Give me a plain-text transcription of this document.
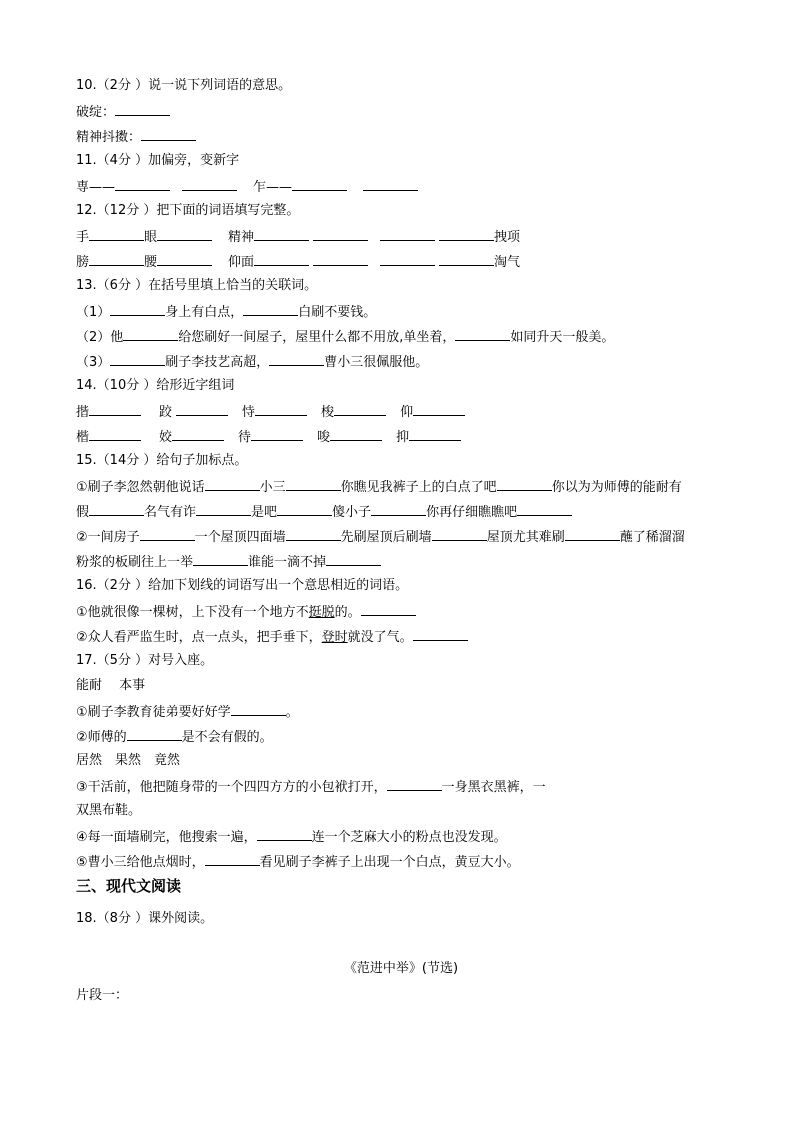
10.（2分 ）说一说下列词语的意思。
破绽：
精神抖擞：
11.（4分 ）加偏旁，变新字
専——	乍——
12.（12分 ）把下面的词语填写完整。
手	眼	精神	拽项
膀	腰	仰面	淘气
13.（6分 ）在括号里填上恰当的关联词。
（1）	身上有白点，	白刷不要钱。
（2）他	给您刷好一间屋子，屋里什么都不用放,单坐着，	如同升天一般美。
（3）	刷子李技艺高超，	曹小三很佩服他。
14.（10分 ）给形近字组词
揩	跤	恃	梭	仰
楷	姣	待	唆	抑
15.（14分 ）给句子加标点。
①刷子李忽然朝他说话	小三	你瞧见我裤子上的白点了吧	你以为为师傅的能耐有
假	名气有诈	是吧	傻小子	你再仔细瞧瞧吧
②一间房子	一个屋顶四面墙	先刷屋顶后刷墙	屋顶尤其难刷	蘸了稀溜溜
粉浆的板刷往上一举	谁能一滴不掉
16.（2分 ）给加下划线的词语写出一个意思相近的词语。
①他就很像一棵树，上下没有一个地方不挺脱的。
②众人看严监生时，点一点头，把手垂下，登时就没了气。
17.（5分 ）对号入座。
能耐　 本事
①刷子李教育徒弟要好好学	。
②师傅的	是不会有假的。
居然　果然　竟然
③干活前，他把随身带的一个四四方方的小包袱打开，	一身黑衣黑裤，一
双黑布鞋。
④每一面墙刷完，他搜索一遍，	连一个芝麻大小的粉点也没发现。
⑤曹小三给他点烟时，	看见刷子李裤子上出现一个白点，黄豆大小。
三、现代文阅读
18.（8分 ）课外阅读。
《范进中举》(节选)
片段一：
